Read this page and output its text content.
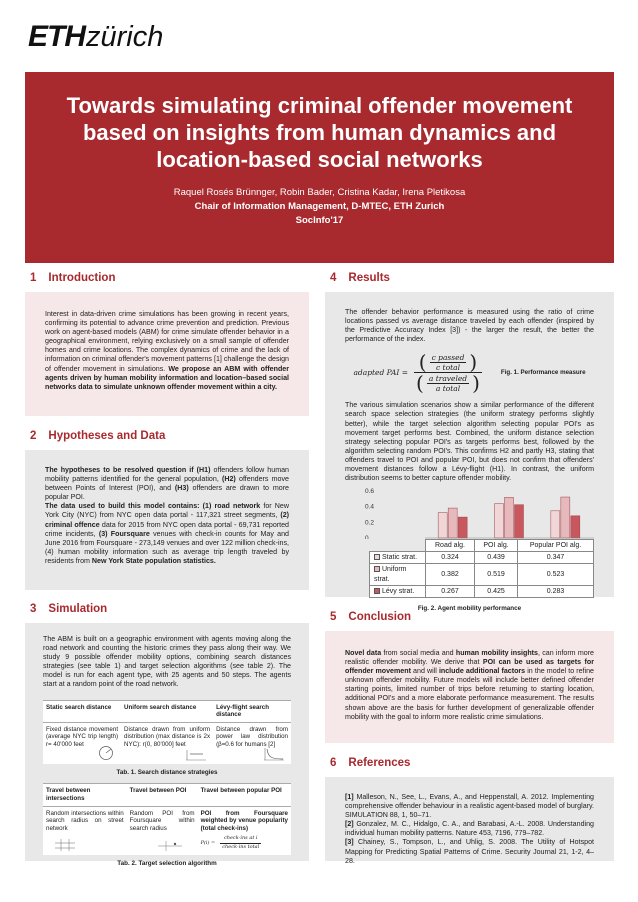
ETH zürich
Towards simulating criminal offender movement based on insights from human dynamics and location-based social networks
Raquel Rosés Brünnger, Robin Bader, Cristina Kadar, Irena Pletikosa
Chair of Information Management, D-MTEC, ETH Zurich
SocInfo'17
1 Introduction

Interest in data-driven crime simulations has been growing in recent years, confirming its potential to advance crime prevention and prediction. Previous work on agent-based models (ABM) for crime simulate offender behavior in a geographical environment, relying exclusively on a small sample of offender homes and crime locations. The complex dynamics of crime and the lack of information on criminal offender's movement patterns [1] challenge the design of offender movement in simulations. We propose an ABM with offender agents driven by human mobility information and location–based social networks data to simulate unknown offender movement within a city.

2 Hypotheses and Data

The hypotheses to be resolved question if (H1) offenders follow human mobility patterns identified for the general population, (H2) offenders move between Points of Interest (POI), and (H3) offenders are drawn to more popular POI.

The data used to build this model contains: (1) road network for New York City (NYC) from NYC open data portal - 117,321 street segments, (2) criminal offence data for 2015 from NYC open data portal - 69,731 reported crime incidents, (3) Foursquare venues with check-in counts for May and June 2016 from Foursquare - 273,149 venues and over 122 million check-ins, (4) human mobility information such as average trip length traveled by residents from New York State population statistics.

3 Simulation

The ABM is built on a geographic environment with agents moving along the road network and counting the historic crimes they pass along their way. We study 9 possible offender mobility options, combining search distances strategies (see table 1) and target selection algorithms (see table 2). The model is run for each agent type, with 25 agents and 50 steps. The agents start at a random point of the road network.

Static search distance	Uniform search distance	Lévy-flight search distance
Fixed distance movement (average NYC trip length) r= 40'000 feet	Distance drawn from uniform distribution (max distance is 2x NYC): r(0, 80'000] feet	Distance drawn from power law distribution (β=0.6 for humans [2]
Tab. 1. Search distance strategies
Travel between intersections	Travel between POI	Travel between popular POI
Random intersections within search radius on street network	Random POI from Foursquare within search radius	POI from Foursquare weighted by venue popularity (total check-ins)
$P(i) = \frac{\text{check-ins at i}}{\text{check-ins total}}$
Tab. 2. Target selection algorithm
4 Results

The offender behavior performance is measured using the ratio of crime locations passed vs average distance traveled by each offender (inspired by the Predictive Accuracy Index [3]) - the larger the result, the better the performance of the index.

adapted PAI = $\frac{( \frac{\text{c passed}}{\text{c total}} )}{( \frac{\text{a traveled}}{\text{a total}} )}$	Fig. 1. Performance measure

The various simulation scenarios show a similar performance of the different search space selection strategies (the uniform strategy performs slightly better), while the target selection algorithm selecting popular POI's as movement target performs best. Combined, the uniform distance selection strategy selecting popular POI's as targets performs best, followed by the algorithm selecting random POI's. This confirms H2 and partly H3, stating that offenders travel to POI and popular POI, but does not confirm that offenders' movement distances follow a Lévy-flight (H1). In contrast, the uniform distribution seems to better capture offender mobility.

0
0.2
0.4
0.6
	Road alg.	POI alg.	Popular POI alg.
Static strat.	0.324	0.439	0.347
Uniform strat.	0.382	0.519	0.523
Lévy strat.	0.267	0.425	0.283
Fig. 2. Agent mobility performance
5 Conclusion

Novel data from social media and human mobility insights, can inform more realistic offender mobility. We derive that POI can be used as targets for offender movement and will include additional factors in the model to refine unknown offender mobility. Future models will include better defined offender starting points, limited number of trips before returning to starting location, additional POI's and a more elaborate performance measurement. The results shown above are the basis for further development of generalizable offender mobility with the goal to inform more realistic crime simulations.

6 References

[1] Malleson, N., See, L., Evans, A., and Heppenstall, A. 2012. Implementing comprehensive offender behaviour in a realistic agent-based model of burglary. SIMULATION 88, 1, 50–71.

[2] Gonzalez, M. C., Hidalgo, C. A., and Barabasi, A.-L. 2008. Understanding individual human mobility patterns. Nature 453, 7196, 779–782.

[3] Chainey, S., Tompson, L., and Uhlig, S. 2008. The Utility of Hotspot Mapping for Predicting Spatial Patterns of Crime. Security Journal 21, 1-2, 4–28.
